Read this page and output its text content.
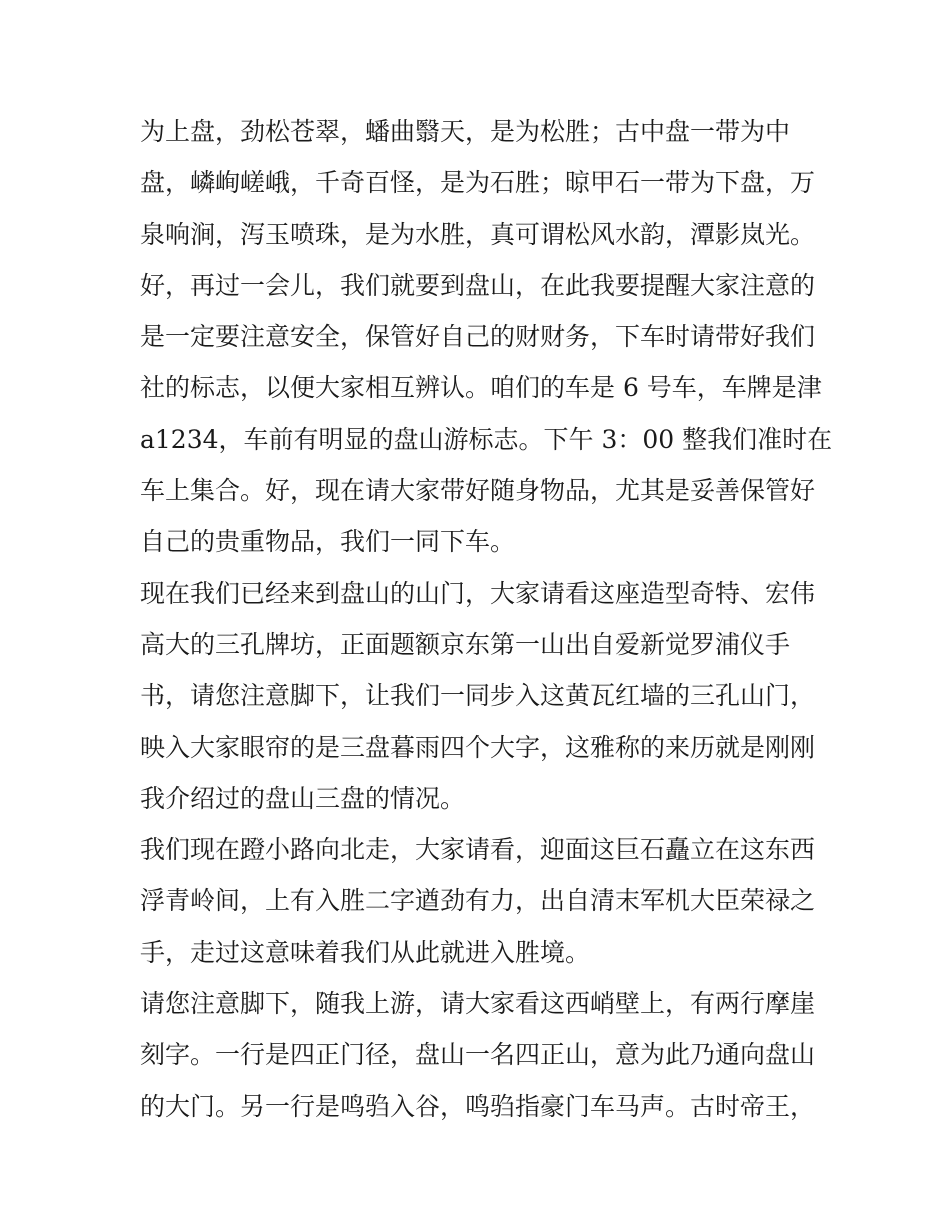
为上盘，劲松苍翠，蟠曲翳天，是为松胜；古中盘一带为中
盘，嶙峋嵯峨，千奇百怪，是为石胜；晾甲石一带为下盘，万
泉响涧，泻玉喷珠，是为水胜，真可谓松风水韵，潭影岚光。
好，再过一会儿，我们就要到盘山，在此我要提醒大家注意的
是一定要注意安全，保管好自己的财财务，下车时请带好我们
社的标志，以便大家相互辨认。咱们的车是 6 号车，车牌是津
a1234，车前有明显的盘山游标志。下午 3：00 整我们准时在
车上集合。好，现在请大家带好随身物品，尤其是妥善保管好
自己的贵重物品，我们一同下车。
现在我们已经来到盘山的山门，大家请看这座造型奇特、宏伟
高大的三孔牌坊，正面题额京东第一山出自爱新觉罗浦仪手
书，请您注意脚下，让我们一同步入这黄瓦红墙的三孔山门，
映入大家眼帘的是三盘暮雨四个大字，这雅称的来历就是刚刚
我介绍过的盘山三盘的情况。
我们现在蹬小路向北走，大家请看，迎面这巨石矗立在这东西
浮青岭间，上有入胜二字遒劲有力，出自清末军机大臣荣禄之
手，走过这意味着我们从此就进入胜境。
请您注意脚下，随我上游，请大家看这西峭壁上，有两行摩崖
刻字。一行是四正门径，盘山一名四正山，意为此乃通向盘山
的大门。另一行是鸣驺入谷，鸣驺指豪门车马声。古时帝王，
